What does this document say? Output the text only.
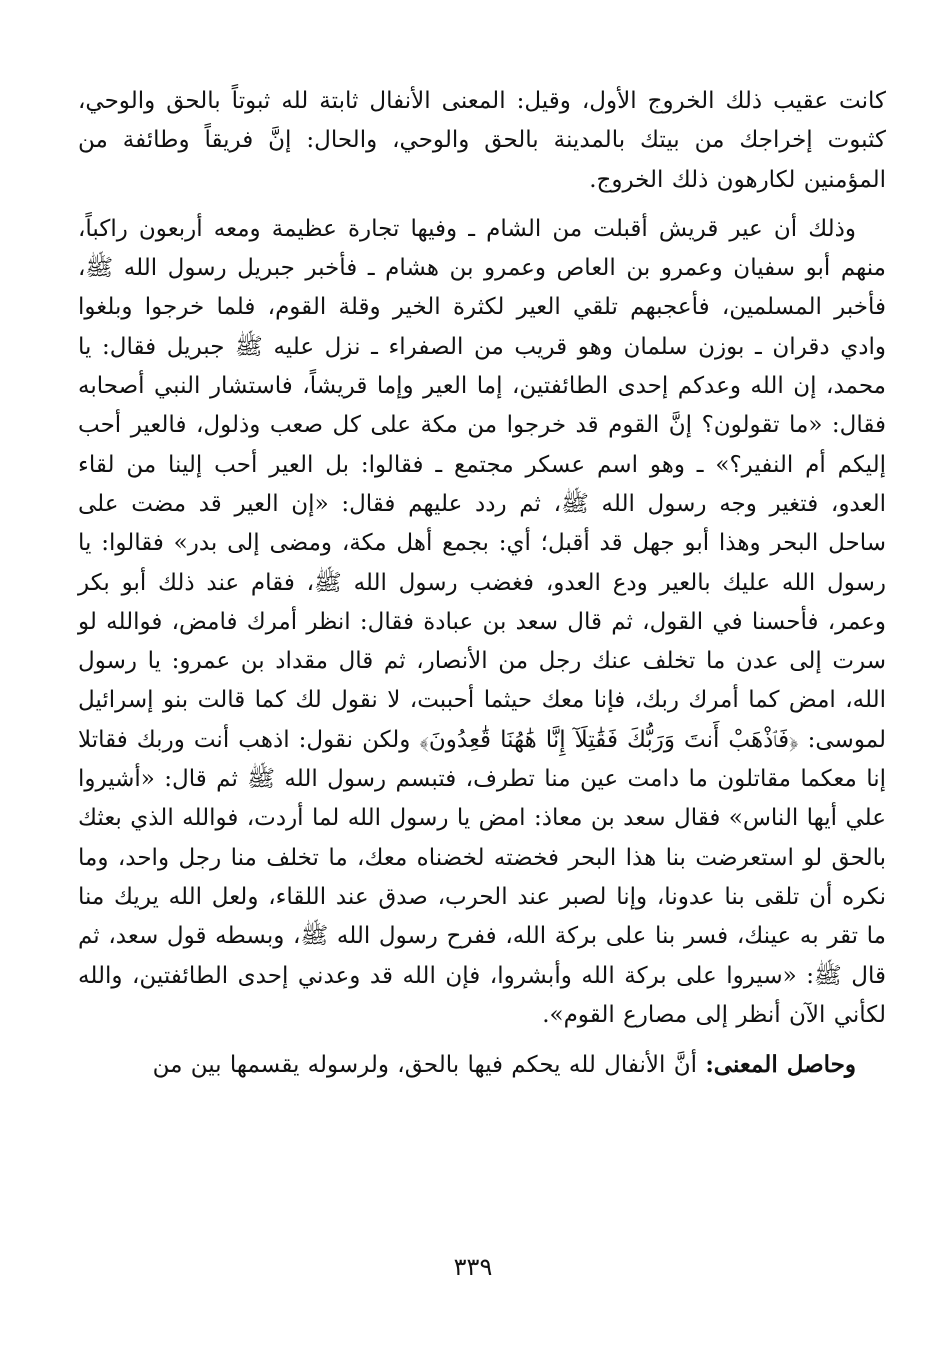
كانت عقيب ذلك الخروج الأول، وقيل: المعنى الأنفال ثابتة لله ثبوتاً بالحق والوحي، كثبوت إخراجك من بيتك بالمدينة بالحق والوحي، والحال: إنَّ فريقاً وطائفة من المؤمنين لكارهون ذلك الخروج.

وذلك أن عير قريش أقبلت من الشام ـ وفيها تجارة عظيمة ومعه أربعون راكباً، منهم أبو سفيان وعمرو بن العاص وعمرو بن هشام ـ فأخبر جبريل رسول الله ﷺ، فأخبر المسلمين، فأعجبهم تلقي العير لكثرة الخير وقلة القوم، فلما خرجوا وبلغوا وادي دقران ـ بوزن سلمان وهو قريب من الصفراء ـ نزل عليه ﷺ جبريل فقال: يا محمد، إن الله وعدكم إحدى الطائفتين، إما العير وإما قريشاً، فاستشار النبي أصحابه فقال: «ما تقولون؟ إنَّ القوم قد خرجوا من مكة على كل صعب وذلول، فالعير أحب إليكم أم النفير؟» ـ وهو اسم عسكر مجتمع ـ فقالوا: بل العير أحب إلينا من لقاء العدو، فتغير وجه رسول الله ﷺ، ثم ردد عليهم فقال: «إن العير قد مضت على ساحل البحر وهذا أبو جهل قد أقبل؛ أي: بجمع أهل مكة، ومضى إلى بدر» فقالوا: يا رسول الله عليك بالعير ودع العدو، فغضب رسول الله ﷺ، فقام عند ذلك أبو بكر وعمر، فأحسنا في القول، ثم قال سعد بن عبادة فقال: انظر أمرك فامض، فوالله لو سرت إلى عدن ما تخلف عنك رجل من الأنصار، ثم قال مقداد بن عمرو: يا رسول الله، امض كما أمرك ربك، فإنا معك حيثما أحببت، لا نقول لك كما قالت بنو إسرائيل لموسى: ﴿فَٱذْهَبْ أَنتَ وَرَبُّكَ فَقَٰتِلَآ إِنَّا هَٰهُنَا قَٰعِدُونَ﴾ ولكن نقول: اذهب أنت وربك فقاتلا إنا معكما مقاتلون ما دامت عين منا تطرف، فتبسم رسول الله ﷺ ثم قال: «أشيروا علي أيها الناس» فقال سعد بن معاذ: امض يا رسول الله لما أردت، فوالله الذي بعثك بالحق لو استعرضت بنا هذا البحر فخضته لخضناه معك، ما تخلف منا رجل واحد، وما نكره أن تلقى بنا عدونا، وإنا لصبر عند الحرب، صدق عند اللقاء، ولعل الله يريك منا ما تقر به عينك، فسر بنا على بركة الله، ففرح رسول الله ﷺ، وبسطه قول سعد، ثم قال ﷺ: «سيروا على بركة الله وأبشروا، فإن الله قد وعدني إحدى الطائفتين، والله لكأني الآن أنظر إلى مصارع القوم».

وحاصل المعنى: أنَّ الأنفال لله يحكم فيها بالحق، ولرسوله يقسمها بين من

٣٣٩
